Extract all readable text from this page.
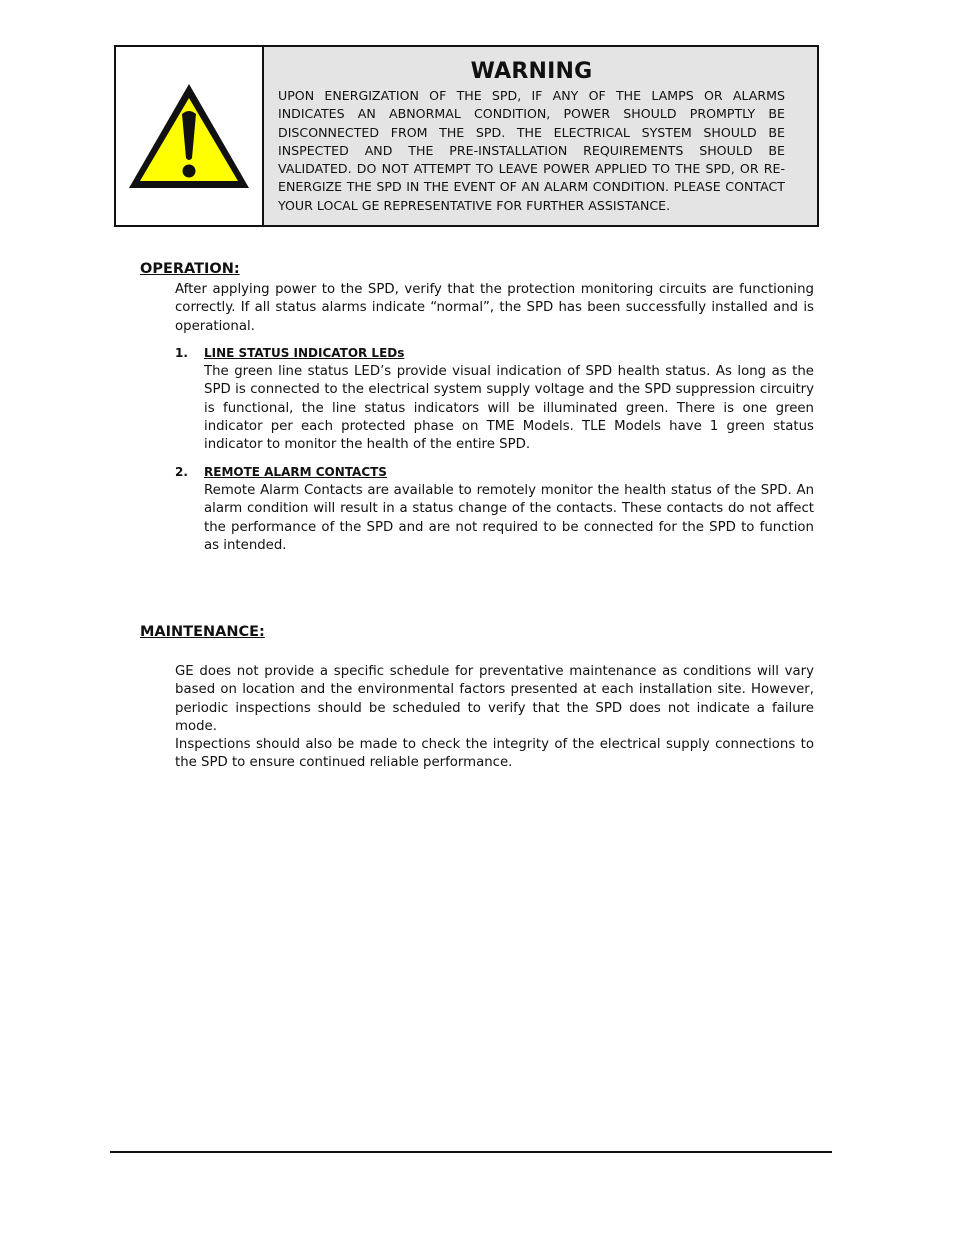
WARNING

UPON ENERGIZATION OF THE SPD, IF ANY OF THE LAMPS OR ALARMS INDICATES AN ABNORMAL CONDITION, POWER SHOULD PROMPTLY BE DISCONNECTED FROM THE SPD. THE ELECTRICAL SYSTEM SHOULD BE INSPECTED AND THE PRE-INSTALLATION REQUIREMENTS SHOULD BE VALIDATED. DO NOT ATTEMPT TO LEAVE POWER APPLIED TO THE SPD, OR RE-ENERGIZE THE SPD IN THE EVENT OF AN ALARM CONDITION. PLEASE CONTACT YOUR LOCAL GE REPRESENTATIVE FOR FURTHER ASSISTANCE.

OPERATION:

After applying power to the SPD, verify that the protection monitoring circuits are functioning correctly. If all status alarms indicate “normal”, the SPD has been successfully installed and is operational.

1. LINE STATUS INDICATOR LEDs

The green line status LED’s provide visual indication of SPD health status. As long as the SPD is connected to the electrical system supply voltage and the SPD suppression circuitry is functional, the line status indicators will be illuminated green. There is one green indicator per each protected phase on TME Models. TLE Models have 1 green status indicator to monitor the health of the entire SPD.

2. REMOTE ALARM CONTACTS

Remote Alarm Contacts are available to remotely monitor the health status of the SPD. An alarm condition will result in a status change of the contacts. These contacts do not affect the performance of the SPD and are not required to be connected for the SPD to function as intended.

MAINTENANCE:

GE does not provide a specific schedule for preventative maintenance as conditions will vary based on location and the environmental factors presented at each installation site. However, periodic inspections should be scheduled to verify that the SPD does not indicate a failure mode.

Inspections should also be made to check the integrity of the electrical supply connections to the SPD to ensure continued reliable performance.
